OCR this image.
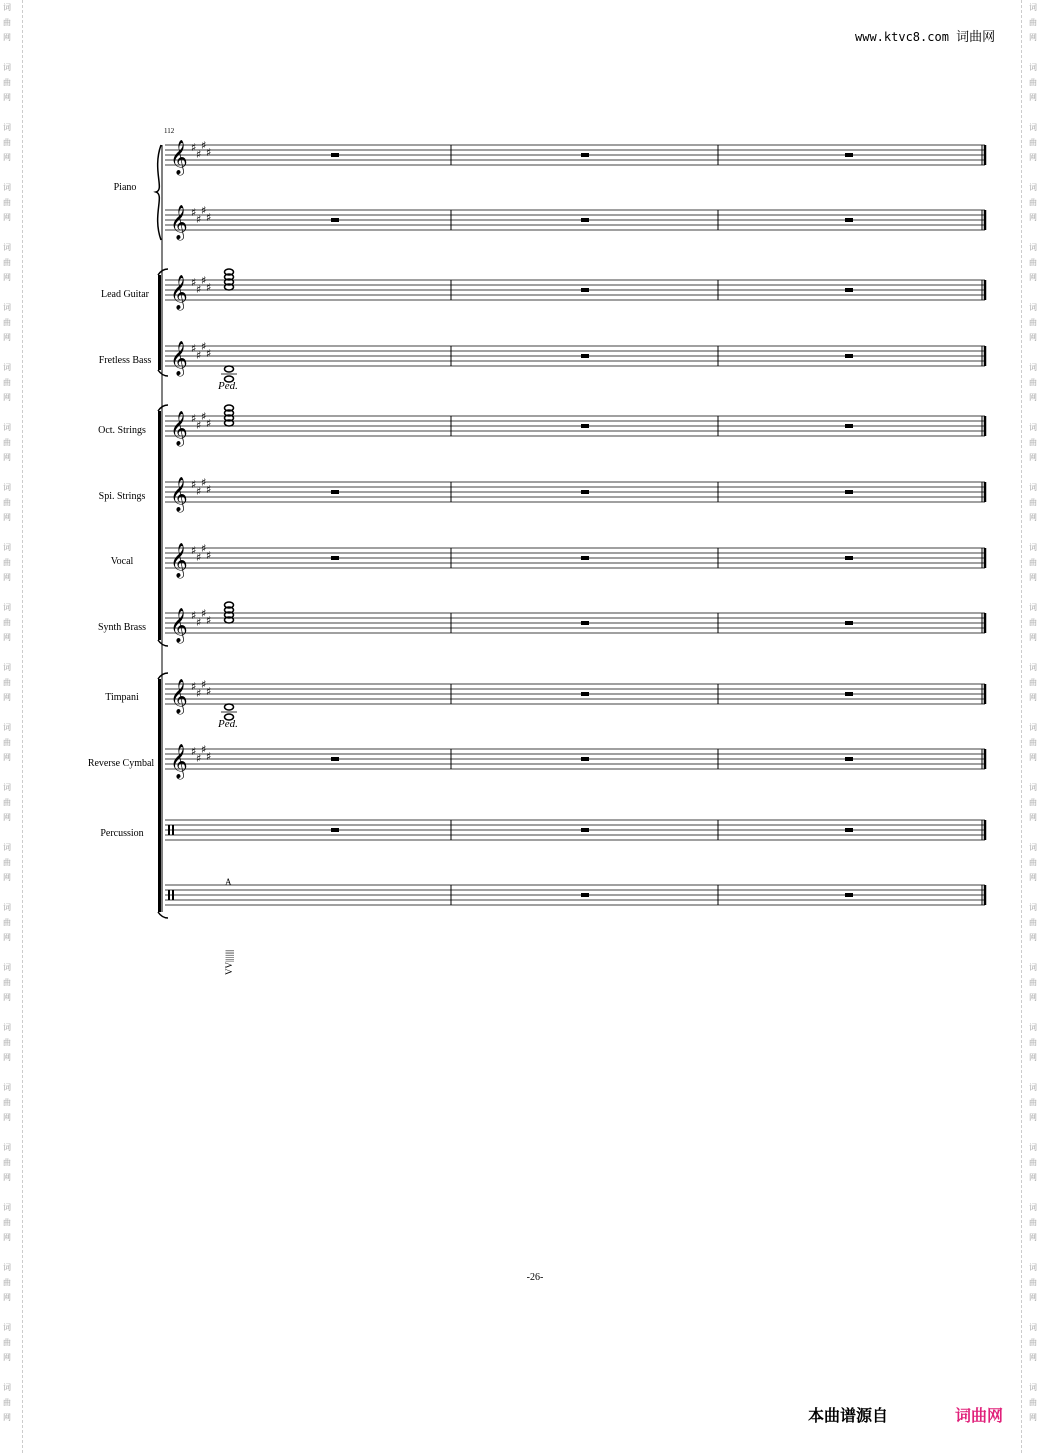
词
曲
网
词
曲
网
词
曲
网
词
曲
网
词
曲
网
词
曲
网
词
曲
网
词
曲
网
词
曲
网
词
曲
网
词
曲
网
词
曲
网
词
曲
网
词
曲
网
词
曲
网
词
曲
网
词
曲
网
词
曲
网
词
曲
网
词
曲
网
词
曲
网
词
曲
网
词
曲
网
词
曲
网
词
曲
网
词
曲
网
词
曲
网
词
曲
网
词
曲
网
词
曲
网
词
曲
网
词
曲
网
词
曲
网
词
曲
网
词
曲
网
词
曲
网
词
曲
网
词
曲
网
词
曲
网
词
曲
网
词
曲
网
词
曲
网
词
曲
网
词
曲
网
词
曲
网
词
曲
网
词
曲
网
词
曲
网
www.ktvc8.com 词曲网
112
Piano
Lead Guitar
Fretless Bass
Oct. Strings
Spi. Strings
Vocal
Synth Brass
Timpani
Reverse Cymbal
Percussion
𝄞 ♯
♯
♯
♯
𝄞 ♯
♯
♯
♯
𝄞 ♯
♯
♯
♯
𝄞 ♯
♯
♯
♯
Ped.
𝄞 ♯
♯
♯
♯
𝄞 ♯
♯
♯
♯
𝄞 ♯
♯
♯
♯
𝄞 ♯
♯
♯
♯
𝄞 ♯
♯
♯
♯
Ped.
𝄞 ♯
♯
♯
♯
A
VV|||||||
-26-
本曲谱源自	词曲网
